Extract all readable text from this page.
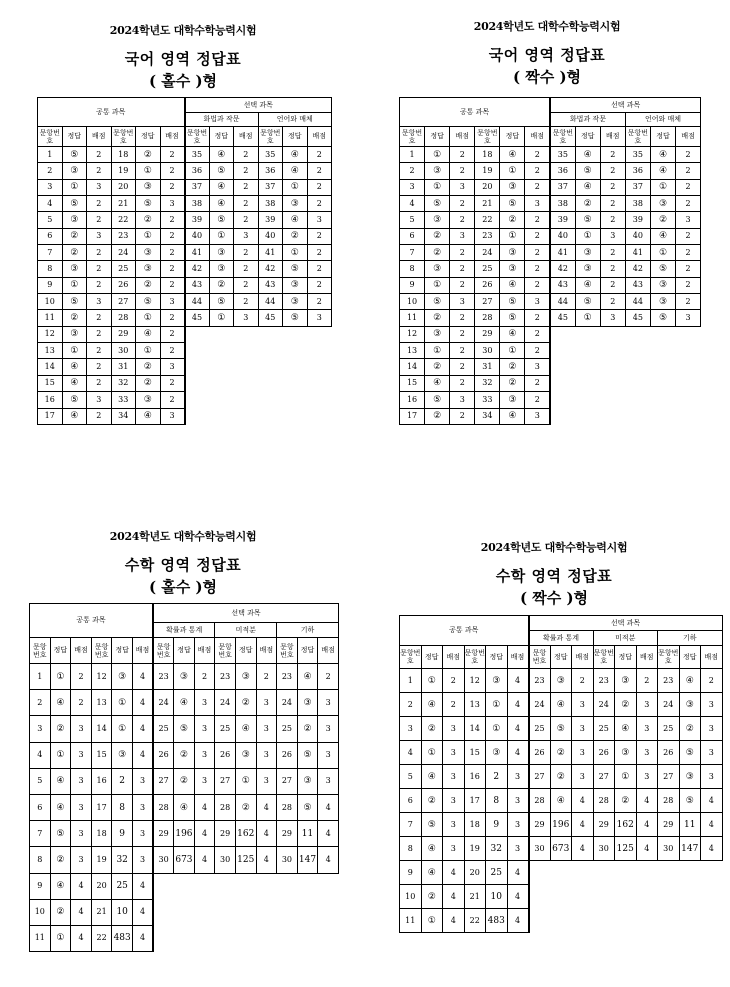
2024학년도 대학수학능력시험
국어 영역 정답표
( 홀수 )형
2024학년도 대학수학능력시험
국어 영역 정답표
( 짝수 )형
2024학년도 대학수학능력시험
수학 영역 정답표
( 홀수 )형
2024학년도 대학수학능력시험
수학 영역 정답표
( 짝수 )형
공통 과목						선택 과목					
						화법과 작문			언어와 매체		
문항번호	정답	배점	문항번호	정답	배점	문항번호	정답	배점	문항번호	정답	배점
1	⑤	2	18	②	2	35	④	2	35	④	2
2	③	2	19	①	2	36	⑤	2	36	④	2
3	①	3	20	③	2	37	④	2	37	①	2
4	⑤	2	21	⑤	3	38	④	2	38	③	2
5	③	2	22	②	2	39	⑤	2	39	④	3
6	②	3	23	①	2	40	①	3	40	②	2
7	②	2	24	③	2	41	③	2	41	①	2
8	③	2	25	③	2	42	③	2	42	⑤	2
9	①	2	26	②	2	43	②	2	43	③	2
10	⑤	3	27	⑤	3	44	⑤	2	44	③	2
11	②	2	28	①	2	45	①	3	45	⑤	3
12	③	2	29	④	2						
13	①	2	30	①	2						
14	④	2	31	②	3						
15	④	2	32	②	2						
16	⑤	3	33	③	2						
17	④	2	34	④	3						
공통 과목						선택 과목					
						화법과 작문			언어와 매체		
문항번호	정답	배점	문항번호	정답	배점	문항번호	정답	배점	문항번호	정답	배점
1	①	2	18	④	2	35	④	2	35	④	2
2	③	2	19	①	2	36	⑤	2	36	④	2
3	①	3	20	③	2	37	④	2	37	①	2
4	⑤	2	21	⑤	3	38	②	2	38	③	2
5	③	2	22	②	2	39	⑤	2	39	②	3
6	②	3	23	①	2	40	①	3	40	④	2
7	②	2	24	③	2	41	③	2	41	①	2
8	③	2	25	③	2	42	③	2	42	⑤	2
9	①	2	26	④	2	43	④	2	43	③	2
10	⑤	3	27	⑤	3	44	⑤	2	44	③	2
11	②	2	28	⑤	2	45	①	3	45	⑤	3
12	③	2	29	④	2						
13	①	2	30	①	2						
14	②	2	31	②	3						
15	④	2	32	②	2						
16	⑤	3	33	③	2						
17	②	2	34	④	3						
공통 과목						선택 과목								
						확률과 통계			미적분			기하		
문항번호	정답	배점	문항번호	정답	배점	문항번호	정답	배점	문항번호	정답	배점	문항번호	정답	배점
1	①	2	12	③	4	23	③	2	23	③	2	23	④	2
2	④	2	13	①	4	24	④	3	24	②	3	24	③	3
3	②	3	14	①	4	25	⑤	3	25	④	3	25	②	3
4	①	3	15	③	4	26	②	3	26	③	3	26	⑤	3
5	④	3	16	2	3	27	②	3	27	①	3	27	③	3
6	④	3	17	8	3	28	④	4	28	②	4	28	⑤	4
7	⑤	3	18	9	3	29	196	4	29	162	4	29	11	4
8	②	3	19	32	3	30	673	4	30	125	4	30	147	4
9	④	4	20	25	4									
10	②	4	21	10	4									
11	①	4	22	483	4									
공통 과목						선택 과목								
						확률과 통계			미적분			기하		
문항번호	정답	배점	문항번호	정답	배점	문항번호	정답	배점	문항번호	정답	배점	문항번호	정답	배점
1	①	2	12	③	4	23	③	2	23	③	2	23	④	2
2	④	2	13	①	4	24	④	3	24	②	3	24	③	3
3	②	3	14	①	4	25	⑤	3	25	④	3	25	②	3
4	①	3	15	③	4	26	②	3	26	③	3	26	⑤	3
5	④	3	16	2	3	27	②	3	27	①	3	27	③	3
6	②	3	17	8	3	28	④	4	28	②	4	28	⑤	4
7	⑤	3	18	9	3	29	196	4	29	162	4	29	11	4
8	④	3	19	32	3	30	673	4	30	125	4	30	147	4
9	④	4	20	25	4									
10	②	4	21	10	4									
11	①	4	22	483	4									
